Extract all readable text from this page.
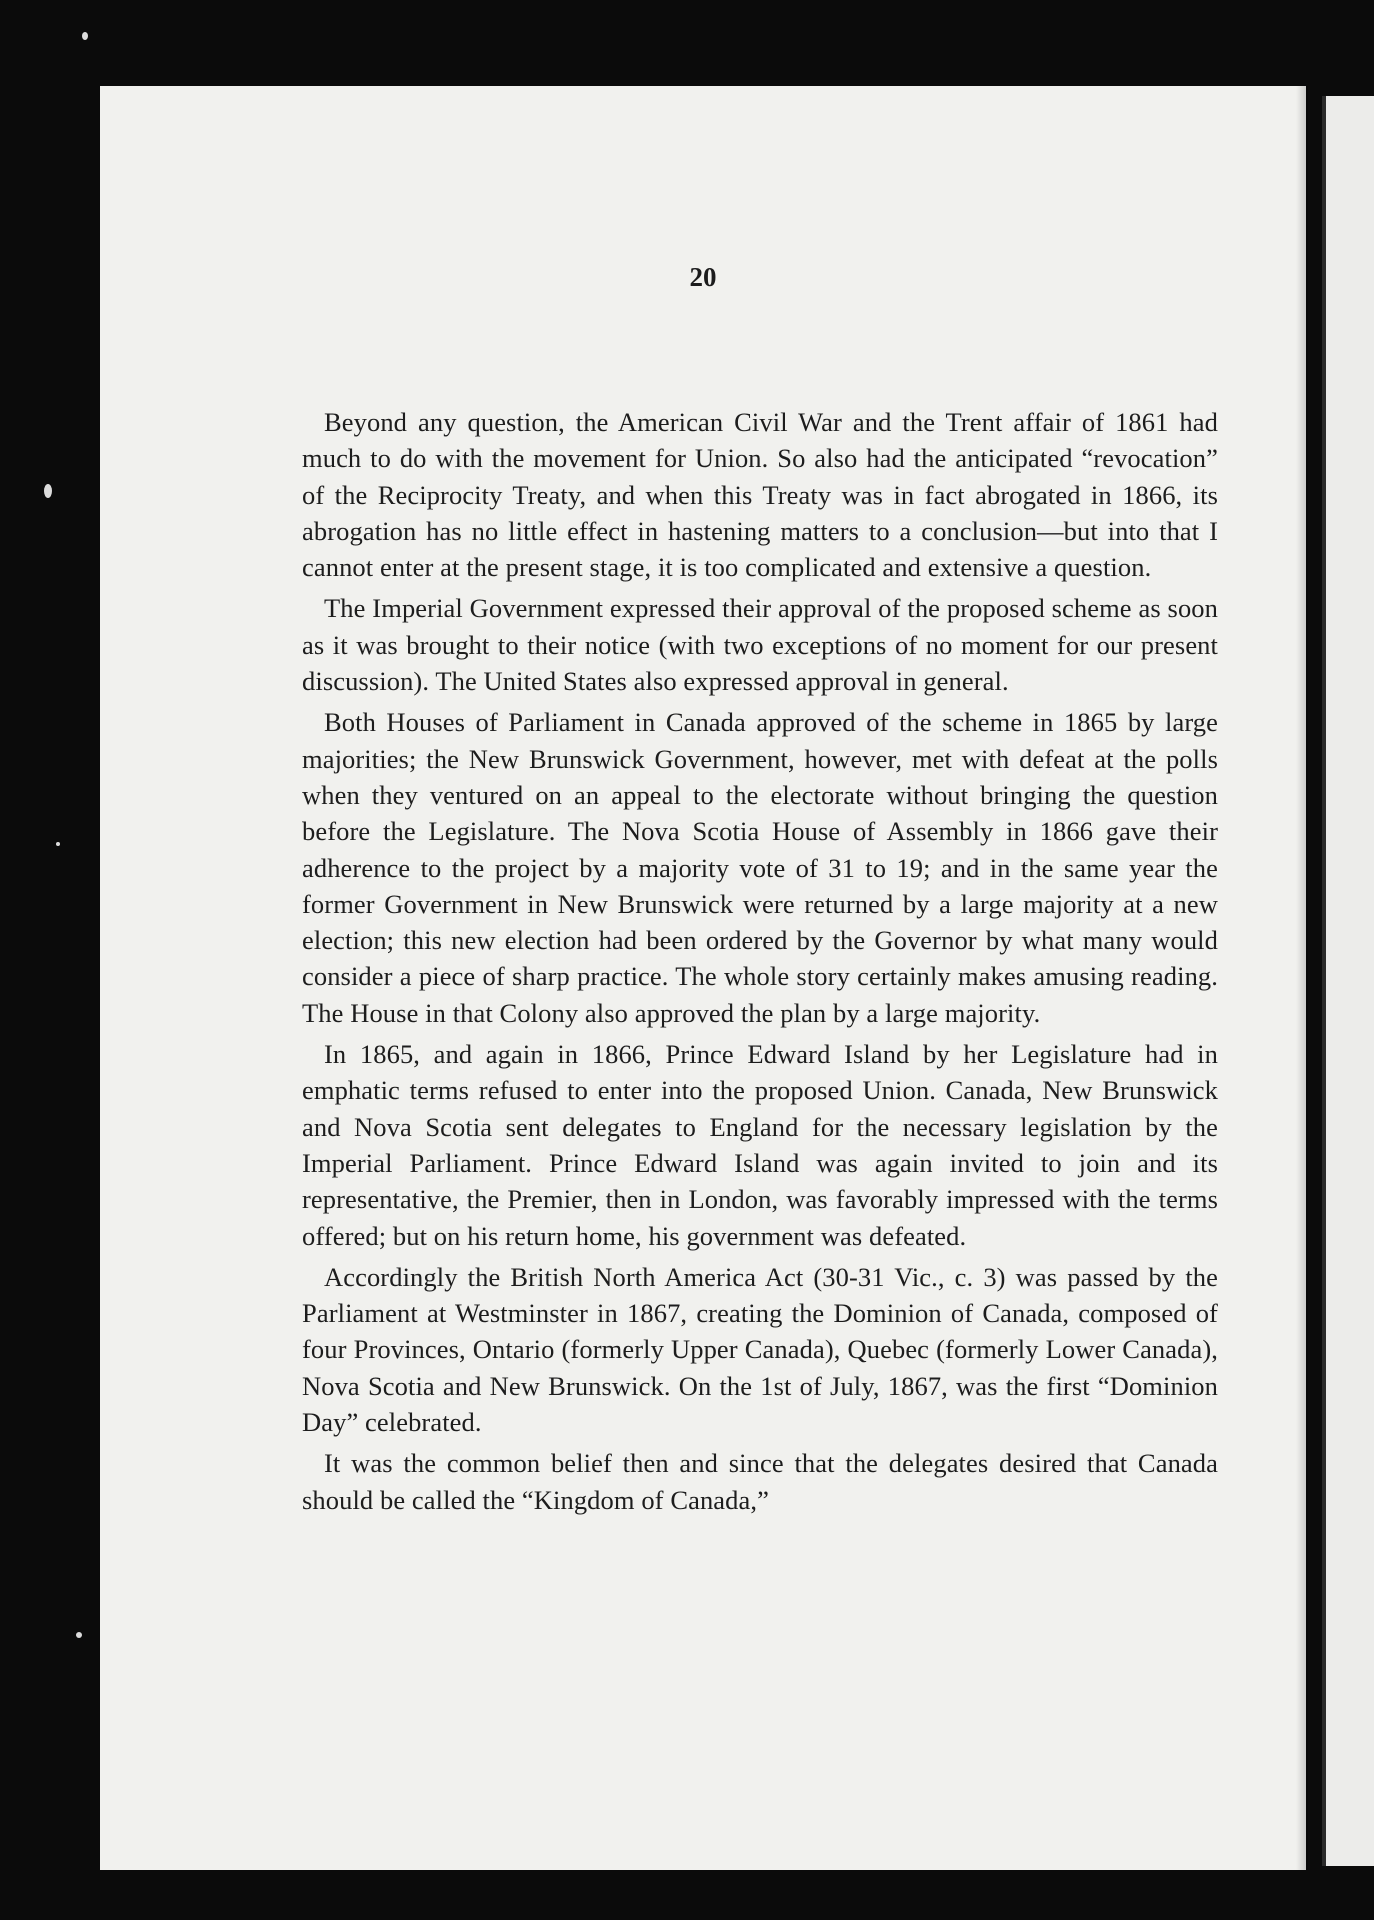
20

Beyond any question, the American Civil War and the Trent affair of 1861 had much to do with the movement for Union. So also had the anticipated “revocation” of the Reciprocity Treaty, and when this Treaty was in fact abrogated in 1866, its abrogation has no little effect in hastening matters to a conclusion—but into that I cannot enter at the present stage, it is too complicated and extensive a question.

The Imperial Government expressed their approval of the proposed scheme as soon as it was brought to their notice (with two exceptions of no moment for our present discussion). The United States also expressed approval in general.

Both Houses of Parliament in Canada approved of the scheme in 1865 by large majorities; the New Brunswick Government, however, met with defeat at the polls when they ventured on an appeal to the electorate without bringing the question before the Legislature. The Nova Scotia House of Assembly in 1866 gave their adherence to the project by a majority vote of 31 to 19; and in the same year the former Government in New Brunswick were returned by a large majority at a new election; this new election had been ordered by the Governor by what many would consider a piece of sharp practice. The whole story certainly makes amusing reading. The House in that Colony also approved the plan by a large majority.

In 1865, and again in 1866, Prince Edward Island by her Legislature had in emphatic terms refused to enter into the proposed Union. Canada, New Brunswick and Nova Scotia sent delegates to England for the necessary legislation by the Imperial Parliament. Prince Edward Island was again invited to join and its representative, the Premier, then in London, was favorably impressed with the terms offered; but on his return home, his government was defeated.

Accordingly the British North America Act (30-31 Vic., c. 3) was passed by the Parliament at Westminster in 1867, creating the Dominion of Canada, composed of four Provinces, Ontario (formerly Upper Canada), Quebec (formerly Lower Canada), Nova Scotia and New Brunswick. On the 1st of July, 1867, was the first “Dominion Day” celebrated.

It was the common belief then and since that the delegates desired that Canada should be called the “Kingdom of Canada,”
